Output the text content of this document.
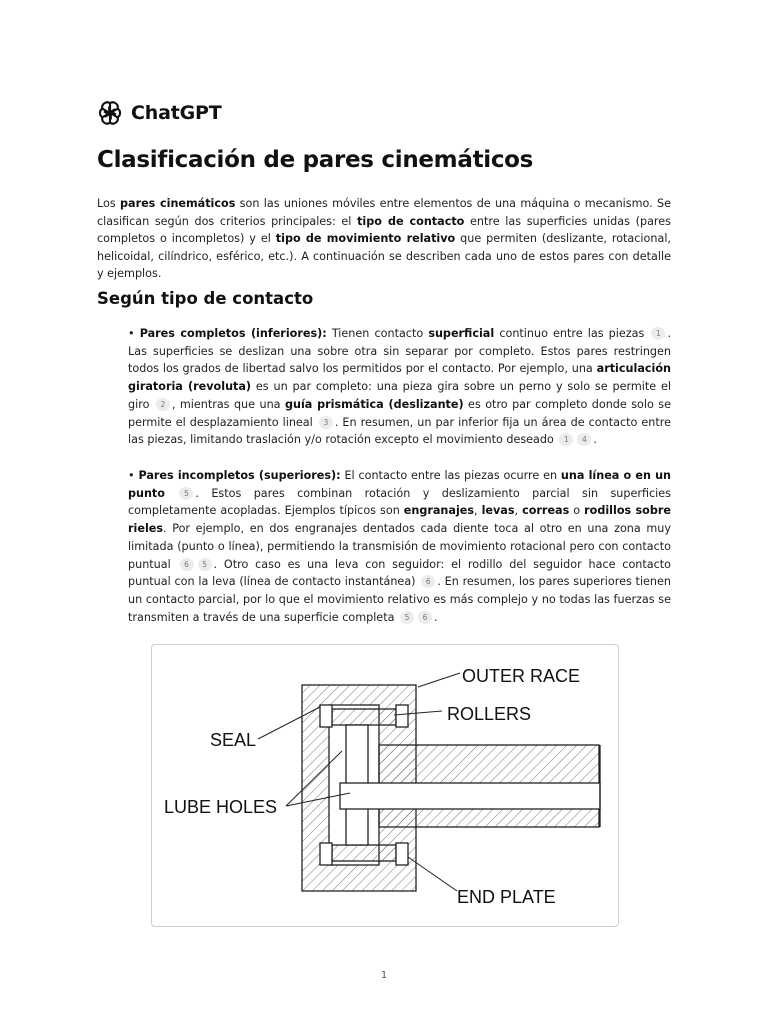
ChatGPT
Clasificación de pares cinemáticos

Los pares cinemáticos son las uniones móviles entre elementos de una máquina o mecanismo. Se clasifican según dos criterios principales: el tipo de contacto entre las superficies unidas (pares completos o incompletos) y el tipo de movimiento relativo que permiten (deslizante, rotacional, helicoidal, cilíndrico, esférico, etc.). A continuación se describen cada uno de estos pares con detalle y ejemplos.

Según tipo de contacto

• Pares completos (inferiores): Tienen contacto superficial continuo entre las piezas 1 . Las superficies se deslizan una sobre otra sin separar por completo. Estos pares restringen todos los grados de libertad salvo los permitidos por el contacto. Por ejemplo, una articulación giratoria (revoluta) es un par completo: una pieza gira sobre un perno y solo se permite el giro 2 , mientras que una guía prismática (deslizante) es otro par completo donde solo se permite el desplazamiento lineal 3 . En resumen, un par inferior fija un área de contacto entre las piezas, limitando traslación y/o rotación excepto el movimiento deseado 1 4 .

• Pares incompletos (superiores): El contacto entre las piezas ocurre en una línea o en un punto	5 . Estos pares combinan rotación y deslizamiento parcial sin superficies completamente acopladas. Ejemplos típicos son engranajes, levas, correas o rodillos sobre rieles. Por ejemplo, en dos engranajes dentados cada diente toca al otro en una zona muy limitada (punto o línea), permitiendo la transmisión de movimiento rotacional pero con contacto puntual 6 5 . Otro caso es una leva con seguidor: el rodillo del seguidor hace contacto puntual con la leva (línea de contacto instantánea) 6 . En resumen, los pares superiores tienen un contacto parcial, por lo que el movimiento relativo es más complejo y no todas las fuerzas se transmiten a través de una superficie completa 5 6 .

OUTER RACE
ROLLERS
SEAL
LUBE HOLES
END PLATE
1
